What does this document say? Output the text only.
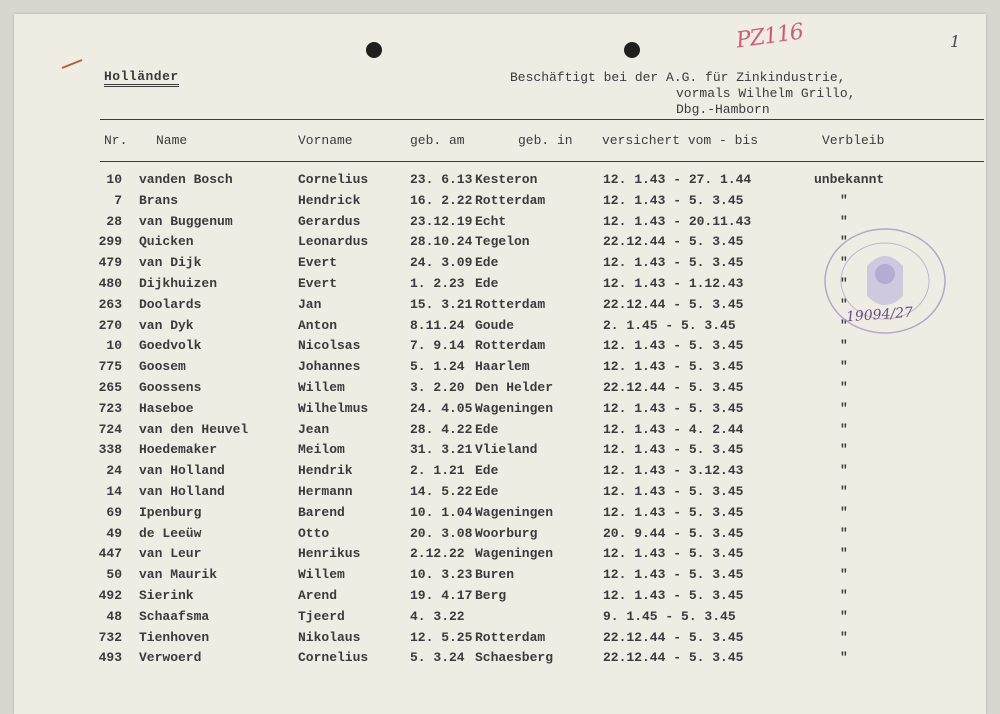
PZ116	1
Holländer	Beschäftigt bei der A.G. für Zinkindustrie,
vormals Wilhelm Grillo,
Dbg.-Hamborn
Nr. Name	Vorname	geb. am	geb. in versichert vom - bis	Verbleib
10 vanden Bosch	Cornelius	23. 6.13 Kesteron	12. 1.43 - 27. 1.44	unbekannt
7 Brans	Hendrick	16. 2.22 Rotterdam	12. 1.43 - 5. 3.45	"
28 van Buggenum	Gerardus	23.12.19 Echt	12. 1.43 - 20.11.43	"
299 Quicken	Leonardus	28.10.24 Tegelon	22.12.44 - 5. 3.45	"
479 van Dijk	Evert	24. 3.09 Ede	12. 1.43 - 5. 3.45	"
480 Dijkhuizen	Evert	1. 2.23 Ede	12. 1.43 - 1.12.43	"
263 Doolards	Jan	15. 3.21 Rotterdam	22.12.44 - 5. 3.45	"
270 van Dyk	Anton	8.11.24 Goude	2. 1.45 - 5. 3.45	"
10 Goedvolk	Nicolsas	7. 9.14 Rotterdam	12. 1.43 - 5. 3.45	"
775 Goosem	Johannes	5. 1.24 Haarlem	12. 1.43 - 5. 3.45	"
265 Goossens	Willem	3. 2.20 Den Helder	22.12.44 - 5. 3.45	"
723 Haseboe	Wilhelmus	24. 4.05 Wageningen	12. 1.43 - 5. 3.45	"
724 van den Heuvel	Jean	28. 4.22 Ede	12. 1.43 - 4. 2.44	"
338 Hoedemaker	Meilom	31. 3.21 Vlieland	12. 1.43 - 5. 3.45	"
24 van Holland	Hendrik	2. 1.21 Ede	12. 1.43 - 3.12.43	"
14 van Holland	Hermann	14. 5.22 Ede	12. 1.43 - 5. 3.45	"
69 Ipenburg	Barend	10. 1.04 Wageningen	12. 1.43 - 5. 3.45	"
49 de Leeüw	Otto	20. 3.08 Woorburg	20. 9.44 - 5. 3.45	"
447 van Leur	Henrikus	2.12.22 Wageningen	12. 1.43 - 5. 3.45	"
50 van Maurik	Willem	10. 3.23 Buren	12. 1.43 - 5. 3.45	"
492 Sierink	Arend	19. 4.17 Berg	12. 1.43 - 5. 3.45	"
48 Schaafsma	Tjeerd	4. 3.22	9. 1.45 - 5. 3.45	"
732 Tienhoven	Nikolaus	12. 5.25 Rotterdam	22.12.44 - 5. 3.45	"
493 Verwoerd	Cornelius	5. 3.24 Schaesberg	22.12.44 - 5. 3.45	"
19094/27
